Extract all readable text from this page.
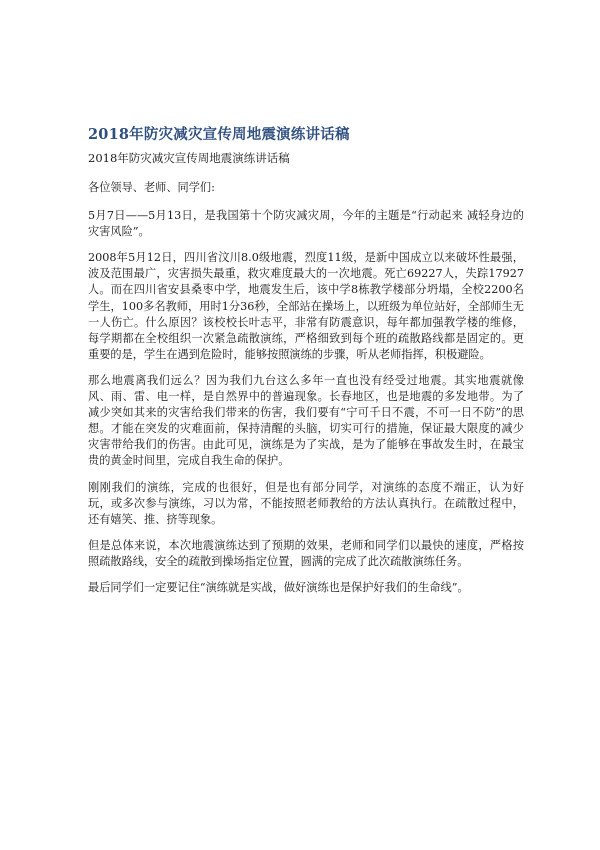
2018年防灾减灾宣传周地震演练讲话稿
2018年防灾减灾宣传周地震演练讲话稿

各位领导、老师、同学们:

5月7日——5月13日，是我国第十个防灾减灾周，今年的主题是“行动起来 减轻身边的灾害风险”。

2008年5月12日，四川省汶川8.0级地震，烈度11级，是新中国成立以来破坏性最强，波及范围最广，灾害损失最重，救灾难度最大的一次地震。死亡69227人，失踪17927人。而在四川省安县桑枣中学，地震发生后，该中学8栋教学楼部分坍塌，全校2200名学生，100多名教师，用时1分36秒，全部站在操场上，以班级为单位站好，全部师生无一人伤亡。什么原因？该校校长叶志平，非常有防震意识，每年都加强教学楼的维修，每学期都在全校组织一次紧急疏散演练，严格细致到每个班的疏散路线都是固定的。更重要的是，学生在遇到危险时，能够按照演练的步骤，听从老师指挥，积极避险。

那么地震离我们远么？因为我们九台这么多年一直也没有经受过地震。其实地震就像风、雨、雷、电一样，是自然界中的普遍现象。长春地区，也是地震的多发地带。为了减少突如其来的灾害给我们带来的伤害，我们要有“宁可千日不震，不可一日不防”的思想。才能在突发的灾难面前，保持清醒的头脑，切实可行的措施，保证最大限度的减少灾害带给我们的伤害。由此可见，演练是为了实战，是为了能够在事故发生时，在最宝贵的黄金时间里，完成自我生命的保护。

刚刚我们的演练，完成的也很好，但是也有部分同学，对演练的态度不端正，认为好玩，或多次参与演练，习以为常，不能按照老师教给的方法认真执行。在疏散过程中，还有嬉笑、推、挤等现象。

但是总体来说，本次地震演练达到了预期的效果，老师和同学们以最快的速度，严格按照疏散路线，安全的疏散到操场指定位置，圆满的完成了此次疏散演练任务。

最后同学们一定要记住“演练就是实战，做好演练也是保护好我们的生命线”。
